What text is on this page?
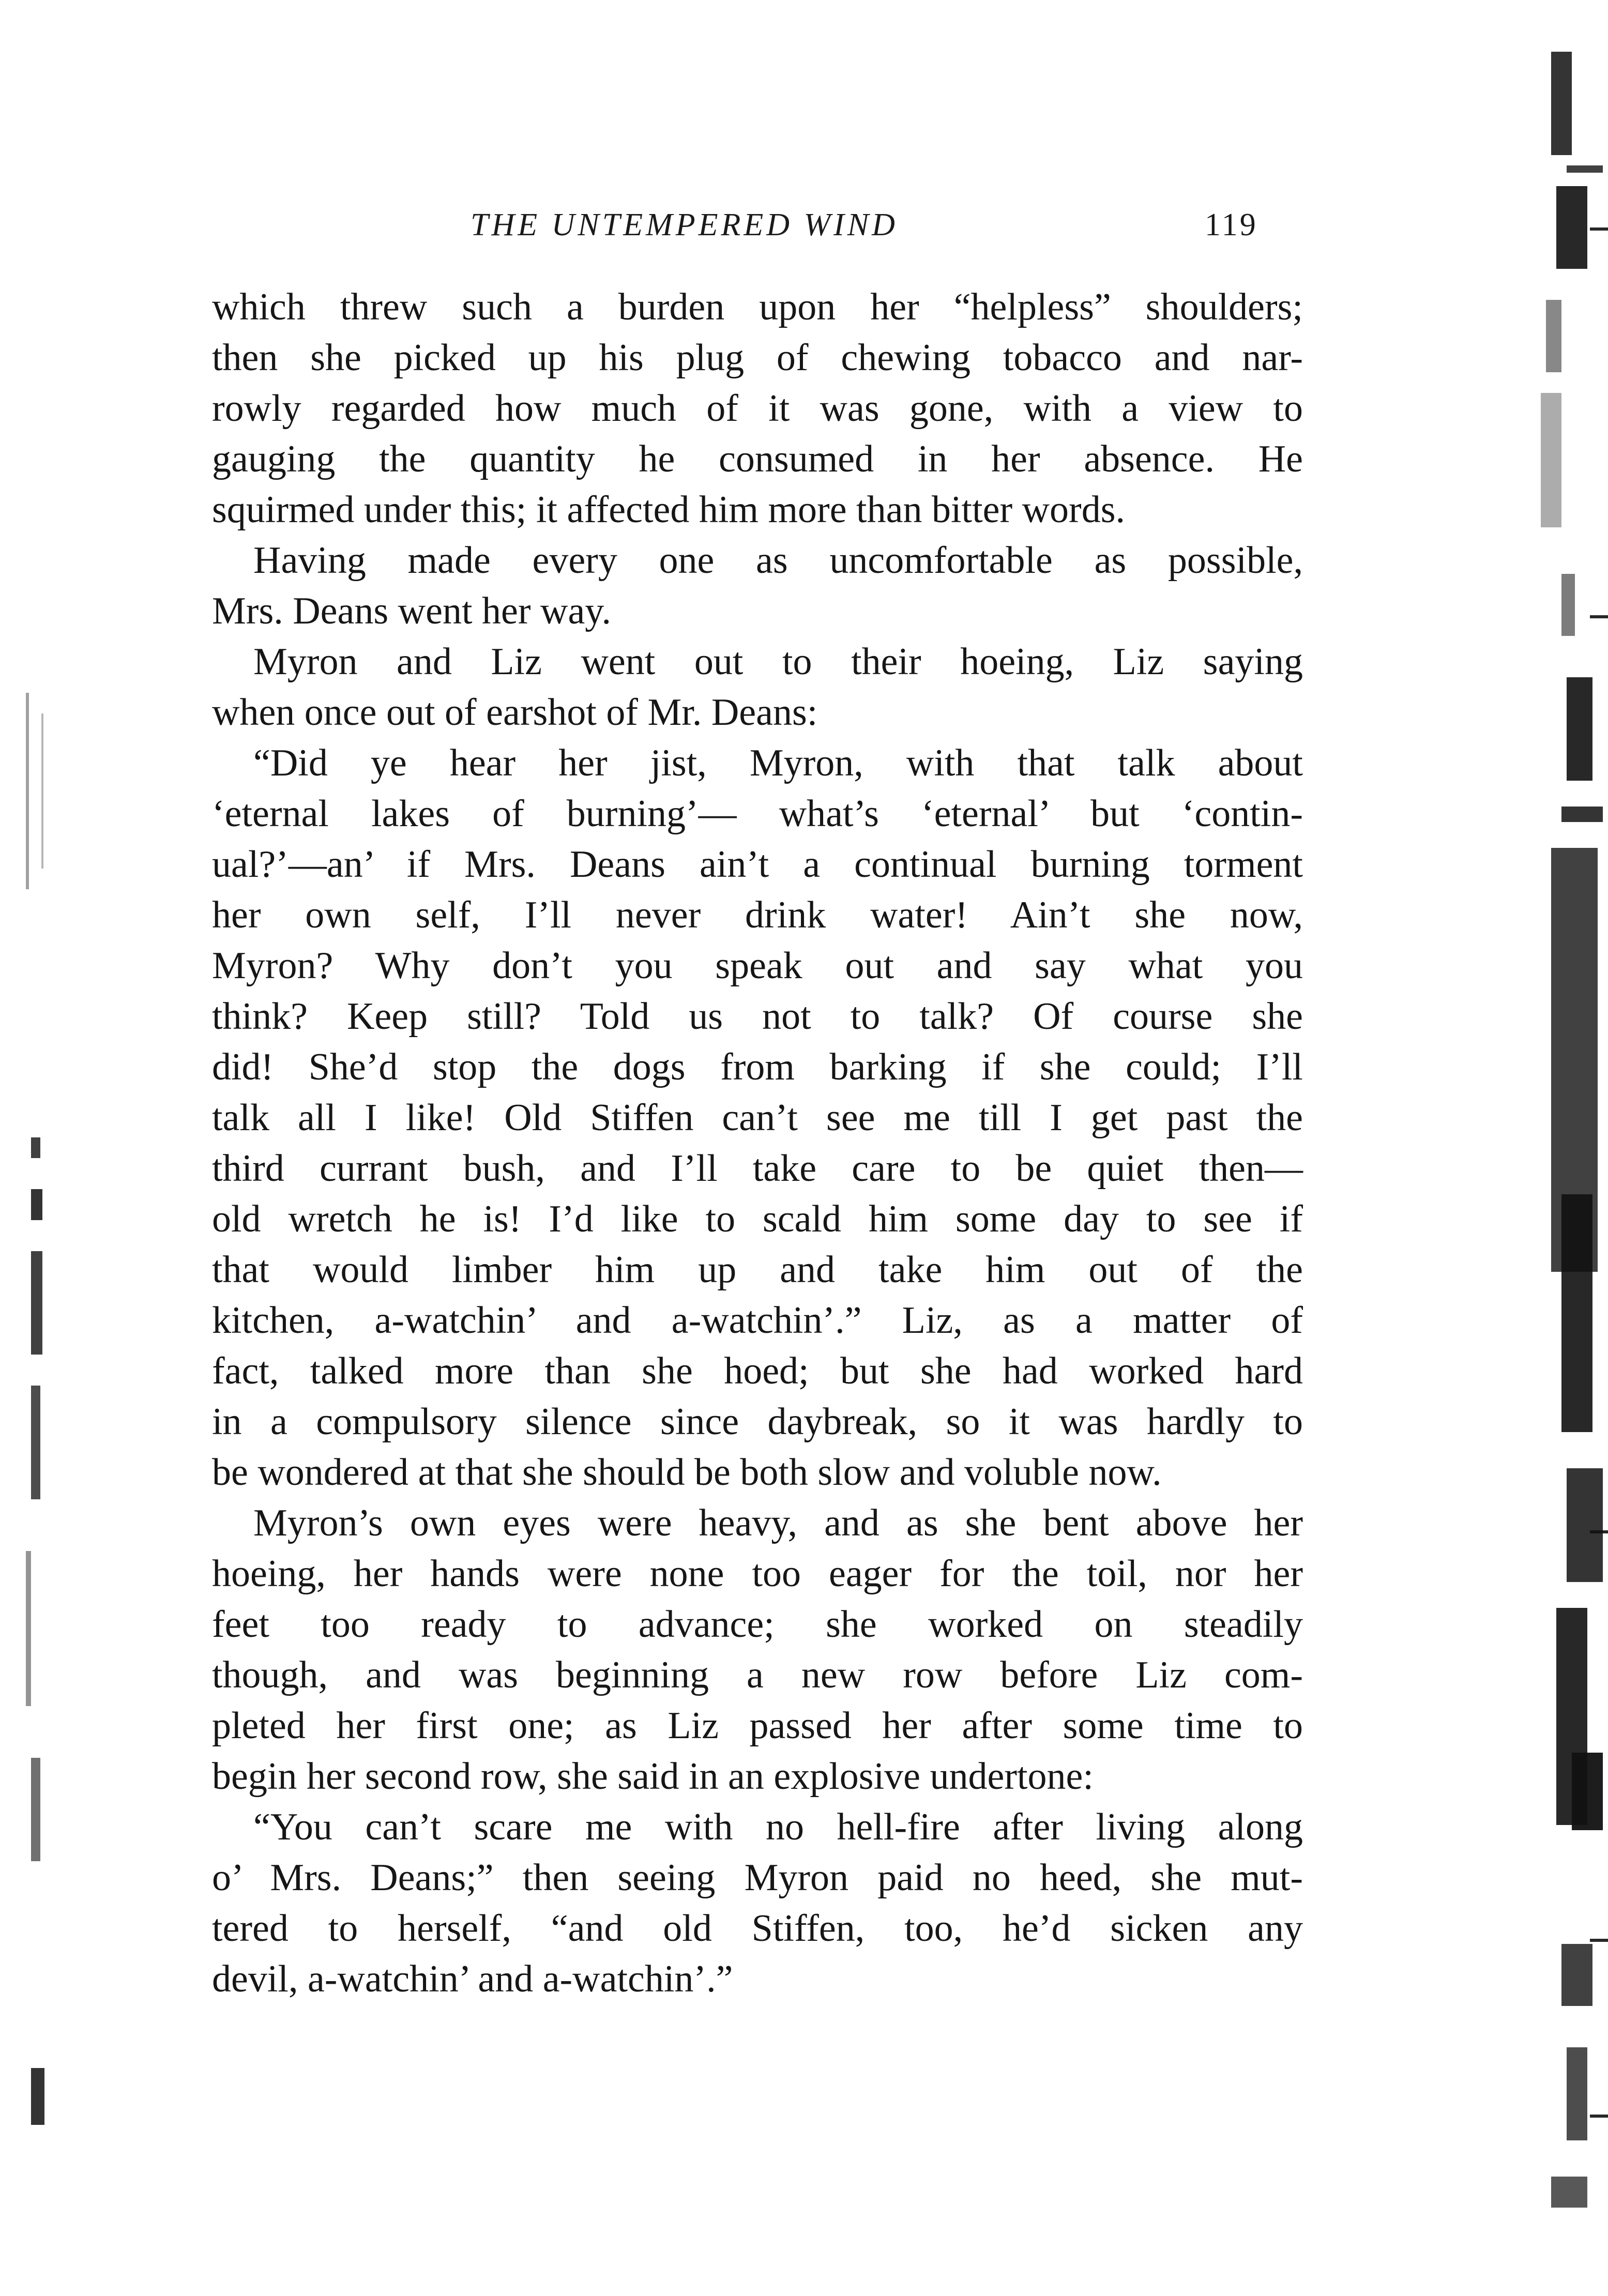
THE UNTEMPERED WIND	119
which threw such a burden upon her “helpless” shoulders;
then she picked up his plug of chewing tobacco and nar-
rowly regarded how much of it was gone, with a view to
gauging the quantity he consumed in her absence. He
squirmed under this; it affected him more than bitter words.
Having made every one as uncomfortable as possible,
Mrs. Deans went her way.
Myron and Liz went out to their hoeing, Liz saying
when once out of earshot of Mr. Deans:
“Did ye hear her jist, Myron, with that talk about
‘eternal lakes of burning’— what’s ‘eternal’ but ‘contin-
ual?’—an’ if Mrs. Deans ain’t a continual burning torment
her own self, I’ll never drink water! Ain’t she now,
Myron? Why don’t you speak out and say what you
think? Keep still? Told us not to talk? Of course she
did! She’d stop the dogs from barking if she could; I’ll
talk all I like! Old Stiffen can’t see me till I get past the
third currant bush, and I’ll take care to be quiet then—
old wretch he is! I’d like to scald him some day to see if
that would limber him up and take him out of the
kitchen, a-watchin’ and a-watchin’.” Liz, as a matter of
fact, talked more than she hoed; but she had worked hard
in a compulsory silence since daybreak, so it was hardly to
be wondered at that she should be both slow and voluble now.
Myron’s own eyes were heavy, and as she bent above her
hoeing, her hands were none too eager for the toil, nor her
feet too ready to advance; she worked on steadily
though, and was beginning a new row before Liz com-
pleted her first one; as Liz passed her after some time to
begin her second row, she said in an explosive undertone:
“You can’t scare me with no hell-fire after living along
o’ Mrs. Deans;” then seeing Myron paid no heed, she mut-
tered to herself, “and old Stiffen, too, he’d sicken any
devil, a-watchin’ and a-watchin’.”
